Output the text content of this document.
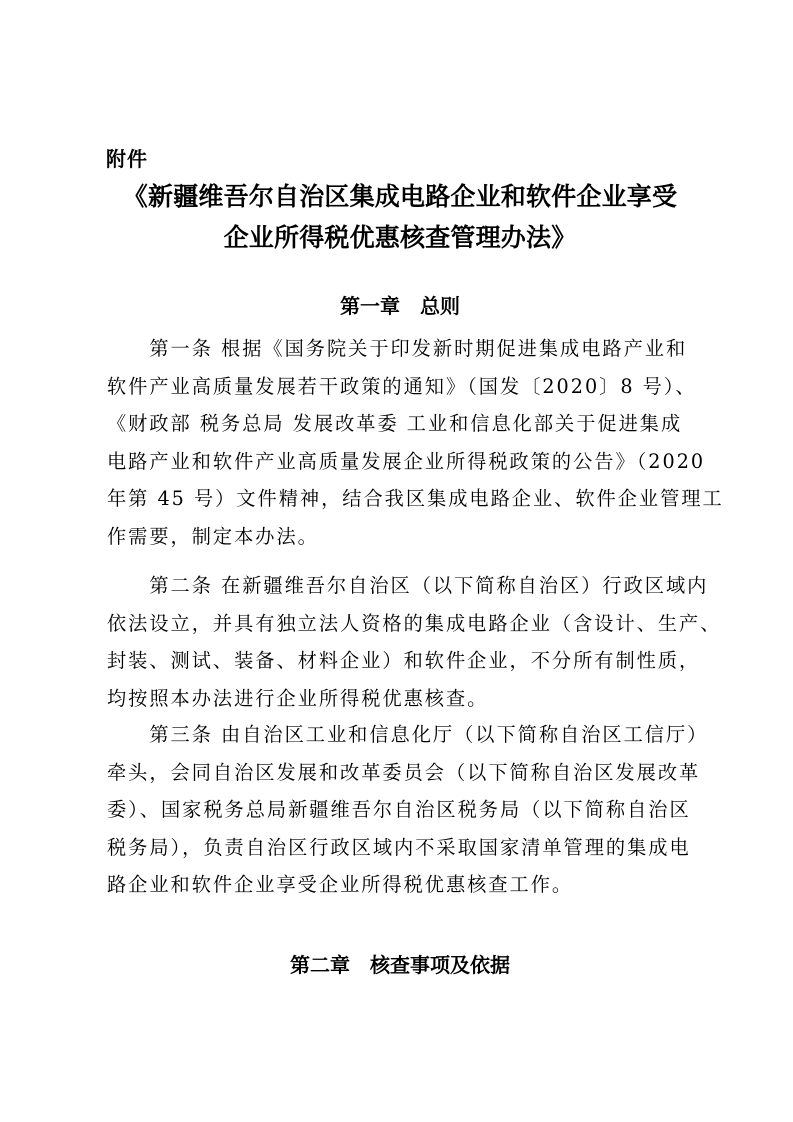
附件
《新疆维吾尔自治区集成电路企业和软件企业享受
企业所得税优惠核查管理办法》
第一章　总则
　　第一条 根据《国务院关于印发新时期促进集成电路产业和
软件产业高质量发展若干政策的通知》（国发〔2020〕8 号）、
《财政部 税务总局 发展改革委 工业和信息化部关于促进集成
电路产业和软件产业高质量发展企业所得税政策的公告》（2020
年第 45 号）文件精神，结合我区集成电路企业、软件企业管理工
作需要，制定本办法。
　　第二条 在新疆维吾尔自治区（以下简称自治区）行政区域内
依法设立，并具有独立法人资格的集成电路企业（含设计、生产、
封装、测试、装备、材料企业）和软件企业，不分所有制性质，
均按照本办法进行企业所得税优惠核查。
　　第三条 由自治区工业和信息化厅（以下简称自治区工信厅）
牵头，会同自治区发展和改革委员会（以下简称自治区发展改革
委）、国家税务总局新疆维吾尔自治区税务局（以下简称自治区
税务局），负责自治区行政区域内不采取国家清单管理的集成电
路企业和软件企业享受企业所得税优惠核查工作。
第二章　核查事项及依据
